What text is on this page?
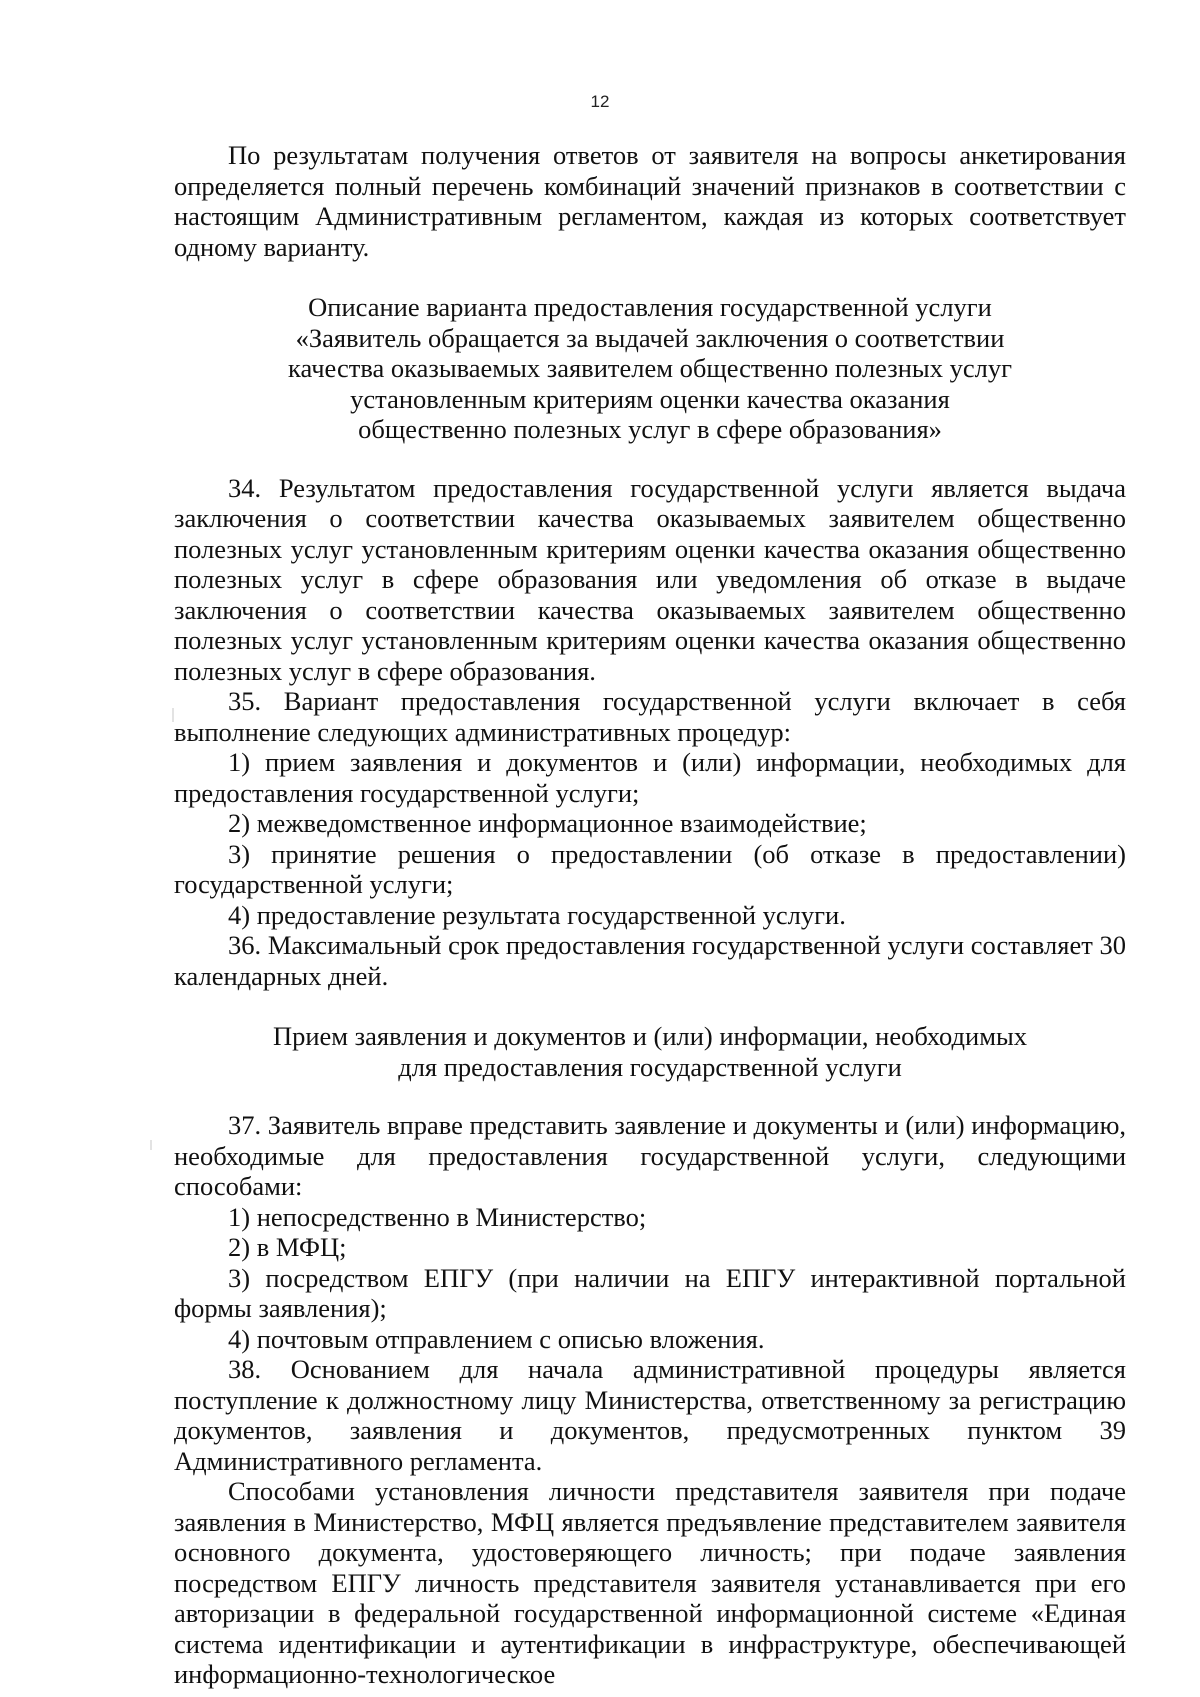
12

По результатам получения ответов от заявителя на вопросы анкетирования определяется полный перечень комбинаций значений признаков в соответствии с настоящим Административным регламентом, каждая из которых соответствует одному варианту.

Описание варианта предоставления государственной услуги
«Заявитель обращается за выдачей заключения о соответствии
качества оказываемых заявителем общественно полезных услуг
установленным критериям оценки качества оказания
общественно полезных услуг в сфере образования»

34. Результатом предоставления государственной услуги является выдача заключения о соответствии качества оказываемых заявителем общественно полезных услуг установленным критериям оценки качества оказания общественно полезных услуг в сфере образования или уведомления об отказе в выдаче заключения о соответствии качества оказываемых заявителем общественно полезных услуг установленным критериям оценки качества оказания общественно полезных услуг в сфере образования.

35. Вариант предоставления государственной услуги включает в себя выполнение следующих административных процедур:

1) прием заявления и документов и (или) информации, необходимых для предоставления государственной услуги;

2) межведомственное информационное взаимодействие;

3) принятие решения о предоставлении (об отказе в предоставлении) государственной услуги;

4) предоставление результата государственной услуги.

36. Максимальный срок предоставления государственной услуги составляет 30 календарных дней.

Прием заявления и документов и (или) информации, необходимых
для предоставления государственной услуги

37. Заявитель вправе представить заявление и документы и (или) информацию, необходимые для предоставления государственной услуги, следующими способами:

1) непосредственно в Министерство;

2) в МФЦ;

3) посредством ЕПГУ (при наличии на ЕПГУ интерактивной портальной формы заявления);

4) почтовым отправлением с описью вложения.

38. Основанием для начала административной процедуры является поступление к должностному лицу Министерства, ответственному за регистрацию документов, заявления и документов, предусмотренных пунктом 39 Административного регламента.

Способами установления личности представителя заявителя при подаче заявления в Министерство, МФЦ является предъявление представителем заявителя основного документа, удостоверяющего личность; при подаче заявления посредством ЕПГУ личность представителя заявителя устанавливается при его авторизации в федеральной государственной информационной системе «Единая система идентификации и аутентификации в инфраструктуре, обеспечивающей информационно-технологическое
